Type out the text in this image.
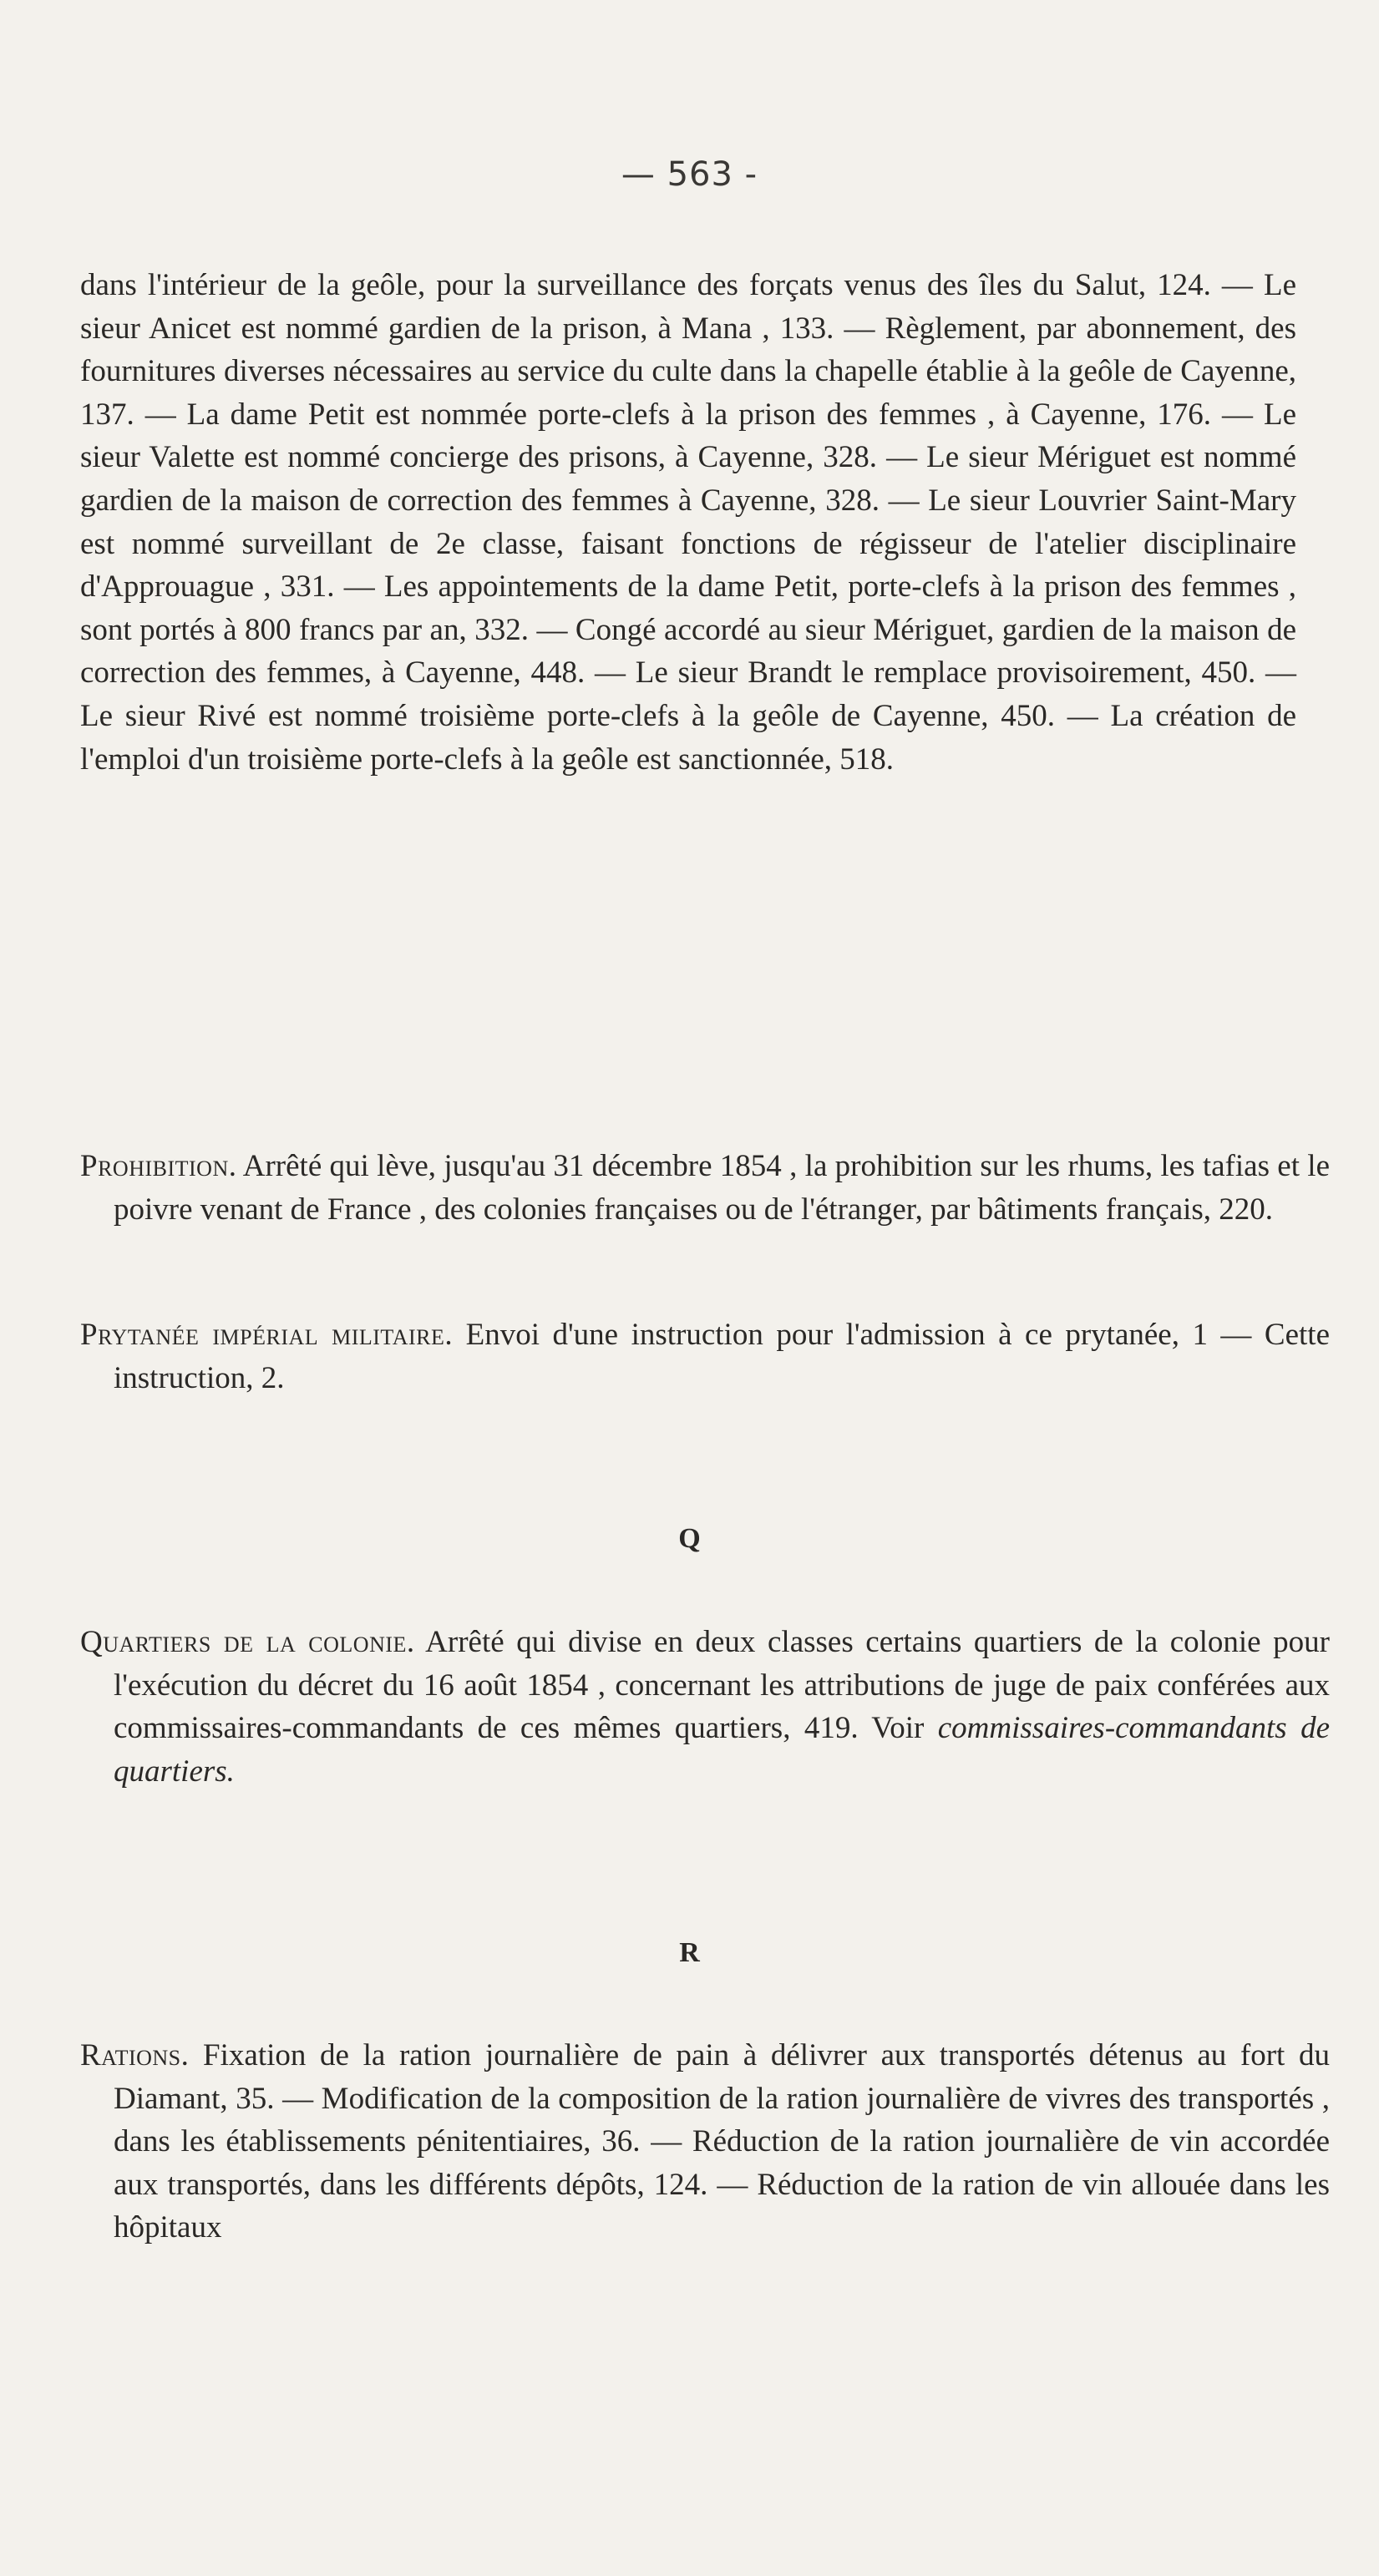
— 563 -

dans l'intérieur de la geôle, pour la surveillance des forçats venus des îles du Salut, 124. — Le sieur Anicet est nommé gardien de la prison, à Mana , 133. — Règlement, par abonnement, des fournitures diverses nécessaires au service du culte dans la chapelle établie à la geôle de Cayenne, 137. — La dame Petit est nommée porte-clefs à la prison des femmes , à Cayenne, 176. — Le sieur Valette est nommé concierge des prisons, à Cayenne, 328. — Le sieur Mériguet est nommé gardien de la maison de correction des femmes à Cayenne, 328. — Le sieur Louvrier Saint-Mary est nommé surveillant de 2e classe, faisant fonctions de régisseur de l'atelier disciplinaire d'Approuague , 331. — Les appointements de la dame Petit, porte-clefs à la prison des femmes , sont portés à 800 francs par an, 332. — Congé accordé au sieur Mériguet, gardien de la maison de correction des femmes, à Cayenne, 448. — Le sieur Brandt le remplace provisoirement, 450. — Le sieur Rivé est nommé troisième porte-clefs à la geôle de Cayenne, 450. — La création de l'emploi d'un troisième porte-clefs à la geôle est sanctionnée, 518.

Prohibition. Arrêté qui lève, jusqu'au 31 décembre 1854 , la prohibition sur les rhums, les tafias et le poivre venant de France , des colonies françaises ou de l'étranger, par bâtiments français, 220.

Prytanée impérial militaire. Envoi d'une instruction pour l'admission à ce prytanée, 1 — Cette instruction, 2.

Q

Quartiers de la colonie. Arrêté qui divise en deux classes certains quartiers de la colonie pour l'exécution du décret du 16 août 1854 , concernant les attributions de juge de paix conférées aux commissaires-commandants de ces mêmes quartiers, 419. Voir commissaires-commandants de quartiers.

R

Rations. Fixation de la ration journalière de pain à délivrer aux transportés détenus au fort du Diamant, 35. — Modification de la composition de la ration journalière de vivres des transportés , dans les établissements pénitentiaires, 36. — Réduction de la ration journalière de vin accordée aux transportés, dans les différents dépôts, 124. — Réduction de la ration de vin allouée dans les hôpitaux
